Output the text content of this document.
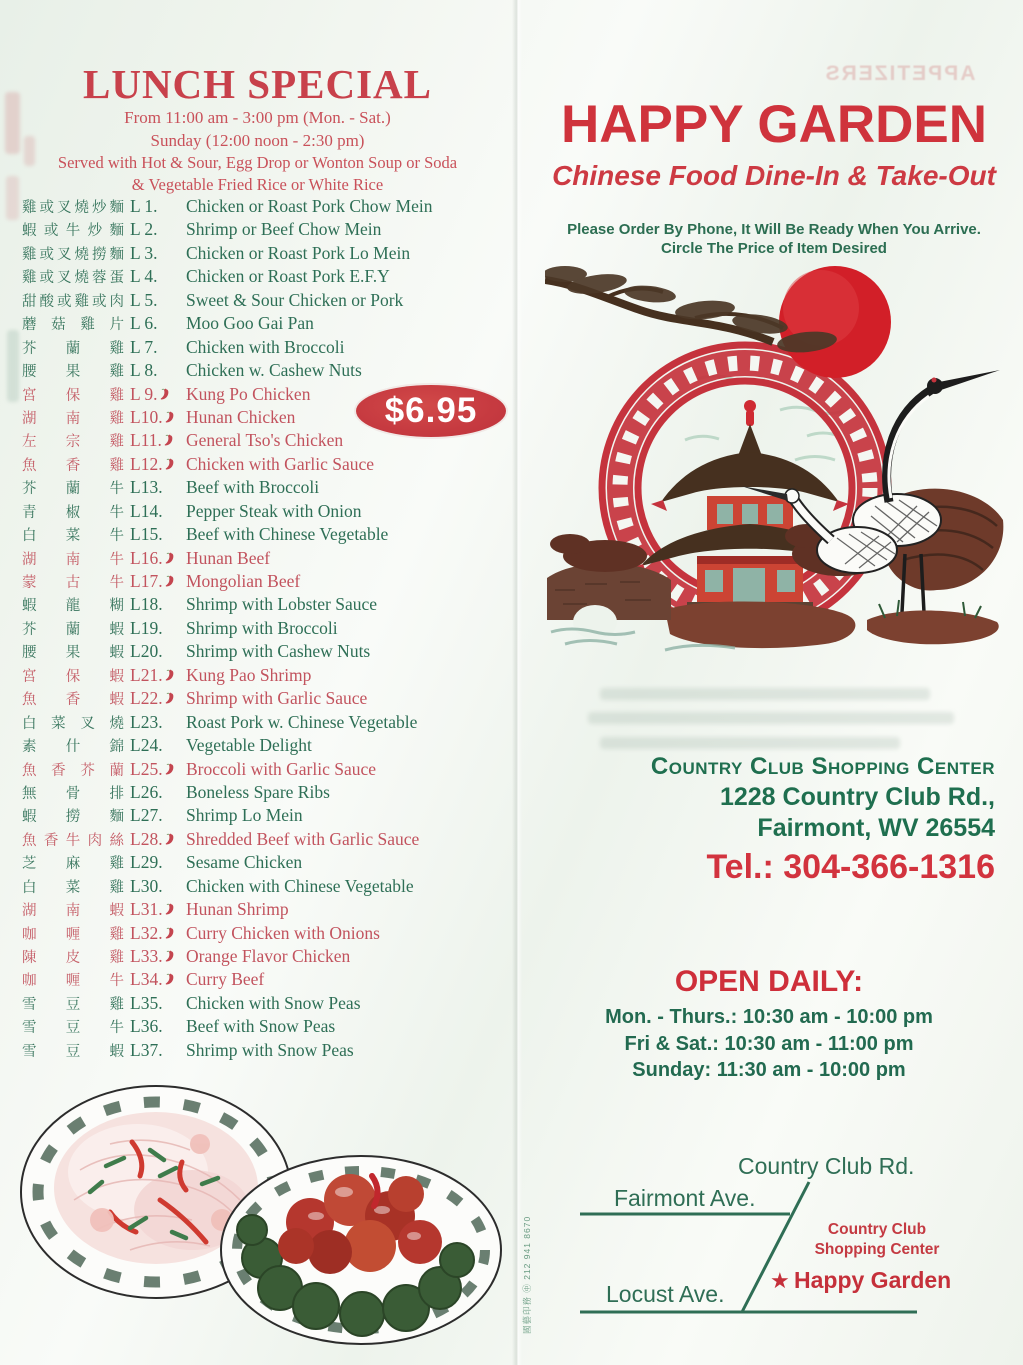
LUNCH SPECIAL
From 11:00 am - 3:00 pm (Mon. - Sat.)
Sunday (12:00 noon - 2:30 pm)
Served with Hot & Sour, Egg Drop or Wonton Soup or Soda
& Vegetable Fried Rice or White Rice
雞 或 叉 燒 炒 麵 L 1.	Chicken or Roast Pork Chow Mein
蝦 或 牛 炒 麵 L 2.	Shrimp or Beef Chow Mein
雞 或 叉 燒 撈 麵 L 3.	Chicken or Roast Pork Lo Mein
雞 或 叉 燒 蓉 蛋 L 4.	Chicken or Roast Pork E.F.Y
甜 酸 或 雞 或 肉 L 5.	Sweet & Sour Chicken or Pork
蘑 菇 雞 片 L 6.	Moo Goo Gai Pan
芥 蘭 雞 L 7.	Chicken with Broccoli
腰 果 雞 L 8.	Chicken w. Cashew Nuts
宮 保 雞 L 9.	Kung Po Chicken
湖 南 雞 L10.	Hunan Chicken
左 宗 雞 L11.	General Tso's Chicken
魚 香 雞 L12.	Chicken with Garlic Sauce
芥 蘭 牛 L13.	Beef with Broccoli
青 椒 牛 L14.	Pepper Steak with Onion
白 菜 牛 L15.	Beef with Chinese Vegetable
湖 南 牛 L16.	Hunan Beef
蒙 古 牛 L17.	Mongolian Beef
蝦 龍 糊 L18.	Shrimp with Lobster Sauce
芥 蘭 蝦 L19.	Shrimp with Broccoli
腰 果 蝦 L20.	Shrimp with Cashew Nuts
宮 保 蝦 L21.	Kung Pao Shrimp
魚 香 蝦 L22.	Shrimp with Garlic Sauce
白 菜 叉 燒 L23.	Roast Pork w. Chinese Vegetable
素 什 錦 L24.	Vegetable Delight
魚 香 芥 蘭 L25.	Broccoli with Garlic Sauce
無 骨 排 L26.	Boneless Spare Ribs
蝦 撈 麵 L27.	Shrimp Lo Mein
魚 香 牛 肉 絲 L28.	Shredded Beef with Garlic Sauce
芝 麻 雞 L29.	Sesame Chicken
白 菜 雞 L30.	Chicken with Chinese Vegetable
湖 南 蝦 L31.	Hunan Shrimp
咖 喱 雞 L32.	Curry Chicken with Onions
陳 皮 雞 L33.	Orange Flavor Chicken
咖 喱 牛 L34.	Curry Beef
雪 豆 雞 L35.	Chicken with Snow Peas
雪 豆 牛 L36.	Beef with Snow Peas
雪 豆 蝦 L37.	Shrimp with Snow Peas
$6.95
APPETIZERS
HAPPY GARDEN
Chinese Food Dine-In & Take-Out
Please Order By Phone, It Will Be Ready When You Arrive.
Circle The Price of Item Desired
Country Club Shopping Center
1228 Country Club Rd.,
Fairmont, WV 26554
Tel.: 304-366-1316
OPEN DAILY:
Mon. - Thurs.: 10:30 am - 10:00 pm
Fri & Sat.: 10:30 am - 11:00 pm
Sunday: 11:30 am - 10:00 pm
Country Club Rd.
Fairmont Ave.
Locust Ave.
Country Club
Shopping Center
★ Happy Garden
國藝印務 ㊥ 212 941 8670
